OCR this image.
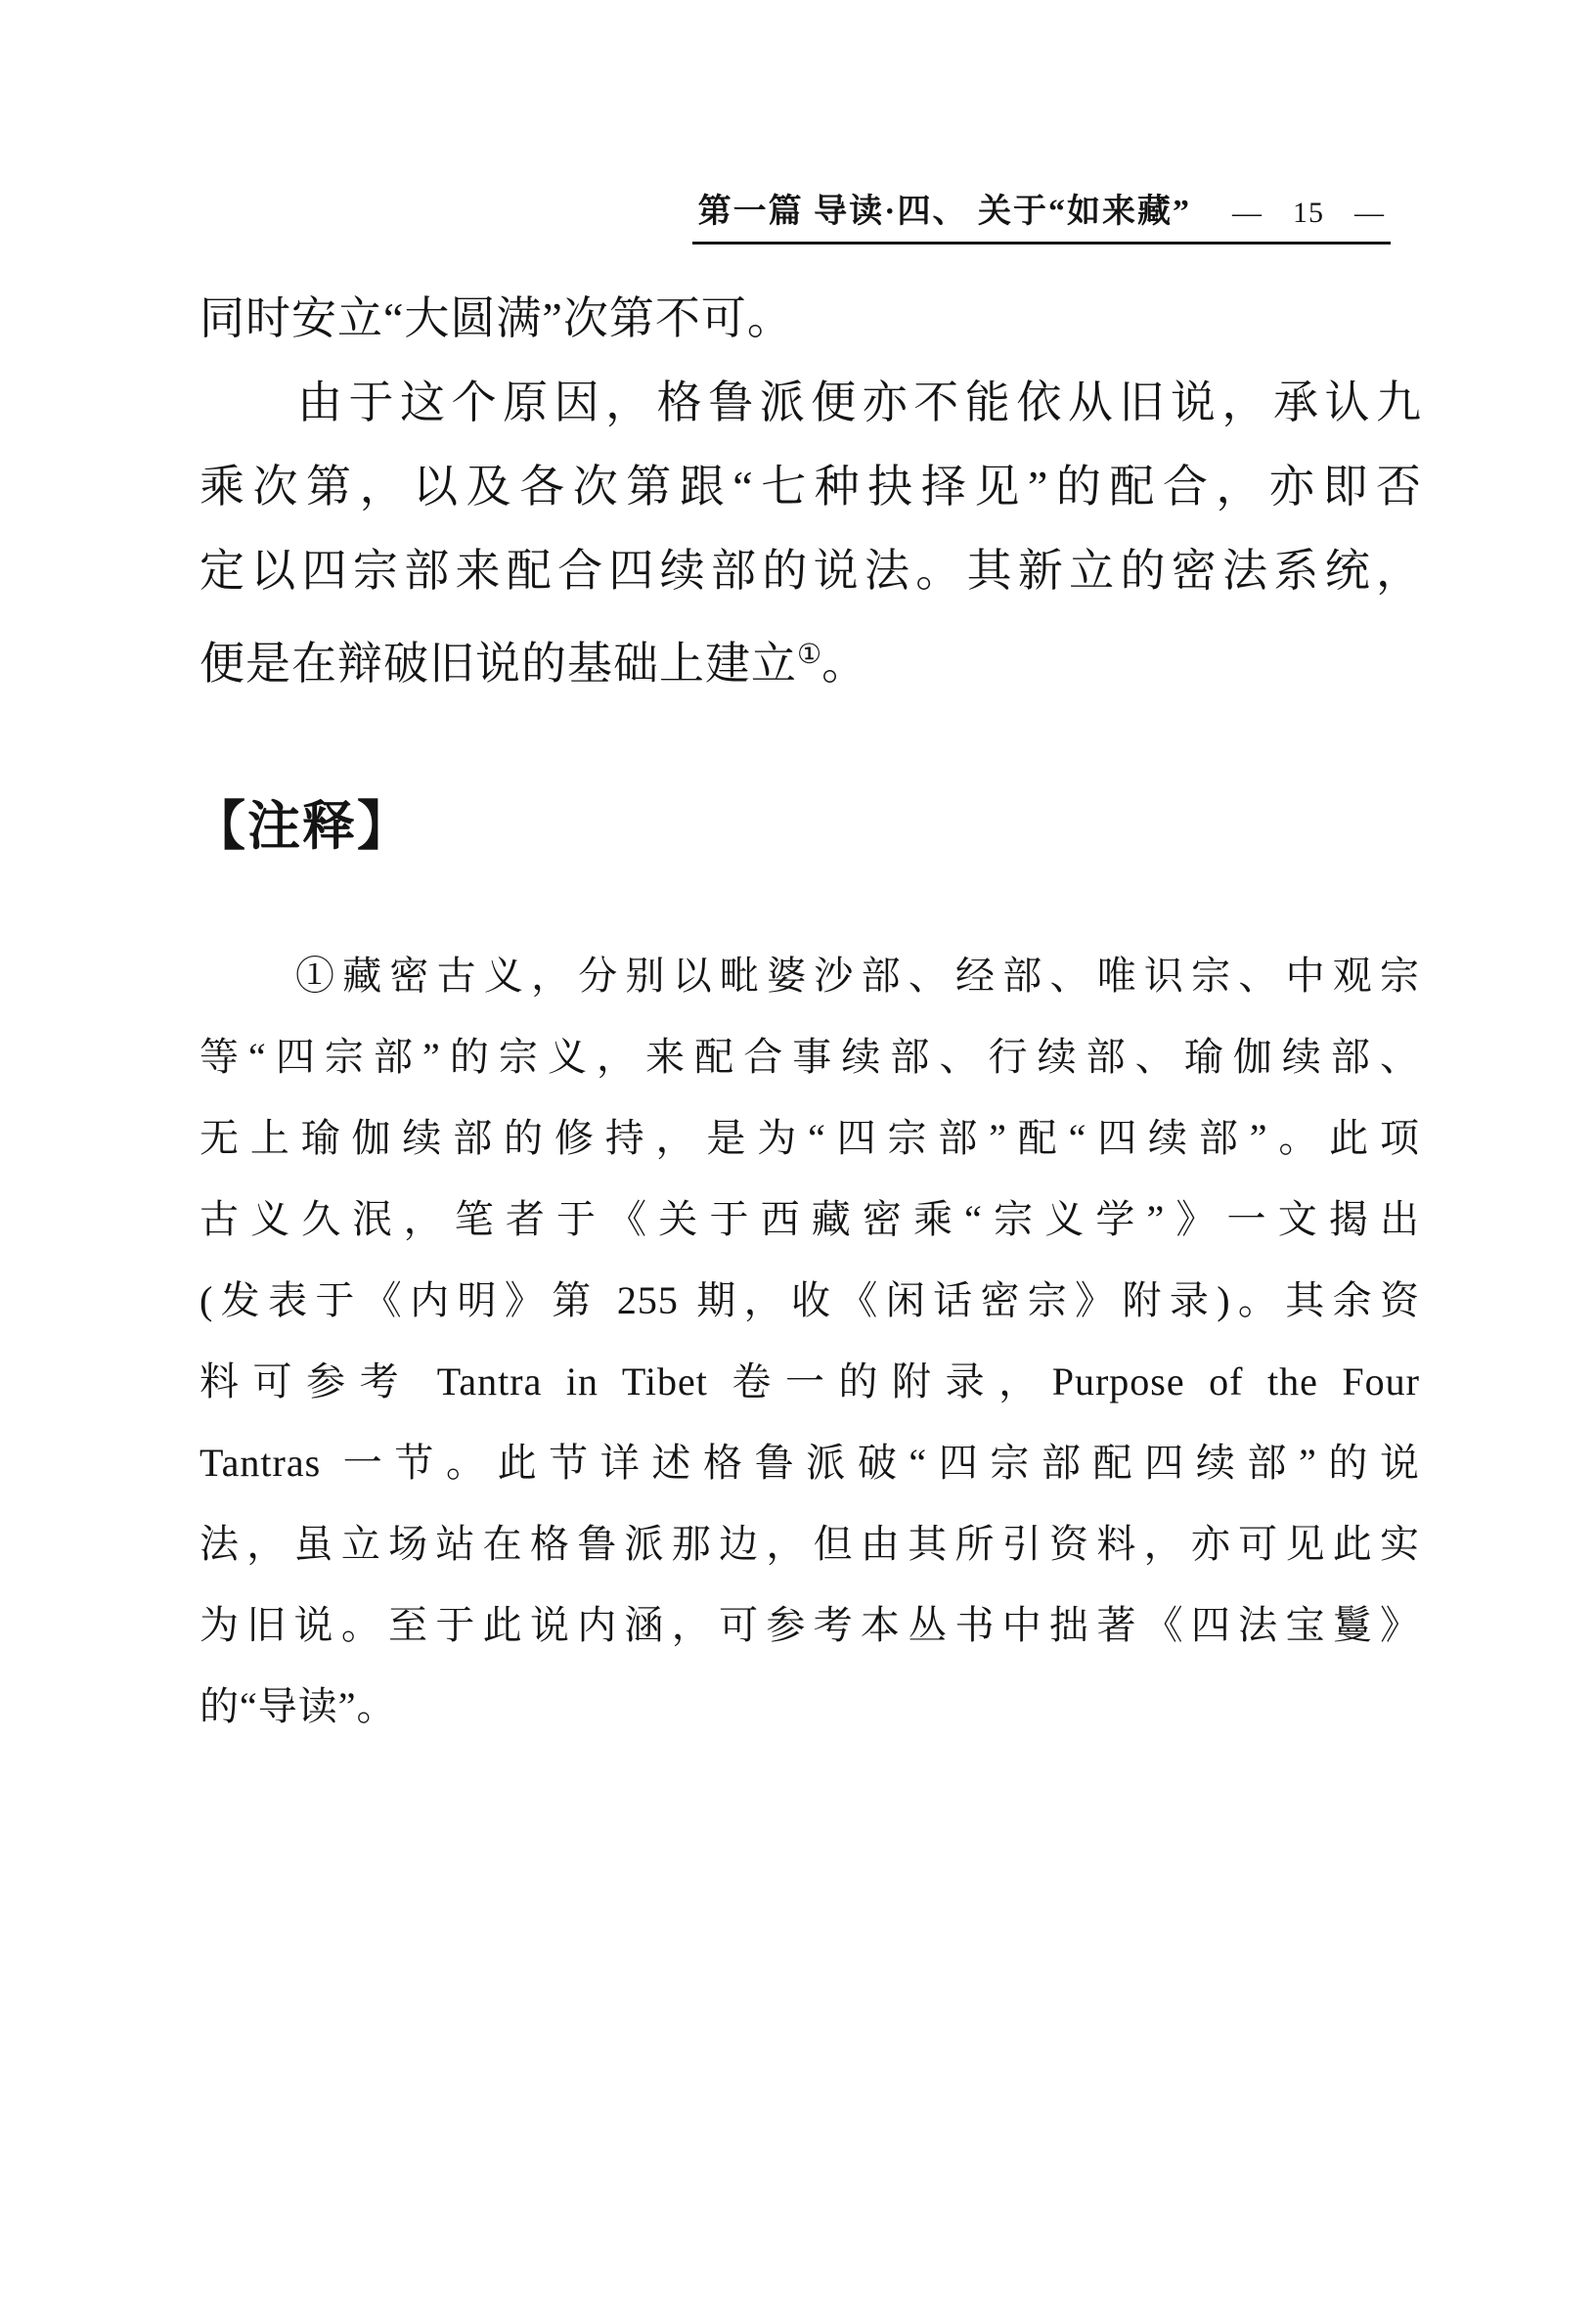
第一篇 导读·四、 关于“如来藏” —　15　—
同时安立“大圆满”次第不可。
由于这个原因，格鲁派便亦不能依从旧说，承认九
乘次第，以及各次第跟“七种抉择见”的配合，亦即否
定以四宗部来配合四续部的说法。其新立的密法系统，
便是在辩破旧说的基础上建立①。
【注释】
①藏密古义，分别以毗婆沙部、经部、唯识宗、中观宗
等“四宗部”的宗义，来配合事续部、行续部、瑜伽续部、
无上瑜伽续部的修持，是为“四宗部”配“四续部”。此项
古义久泯，笔者于《关于西藏密乘“宗义学”》一文揭出
(发表于《内明》第 255 期，收《闲话密宗》附录)。其余资
料可参考 Tantra in Tibet 卷一的附录，Purpose of the Four
Tantras 一节。此节详述格鲁派破“四宗部配四续部”的说
法，虽立场站在格鲁派那边，但由其所引资料，亦可见此实
为旧说。至于此说内涵，可参考本丛书中拙著《四法宝鬘》
的“导读”。
